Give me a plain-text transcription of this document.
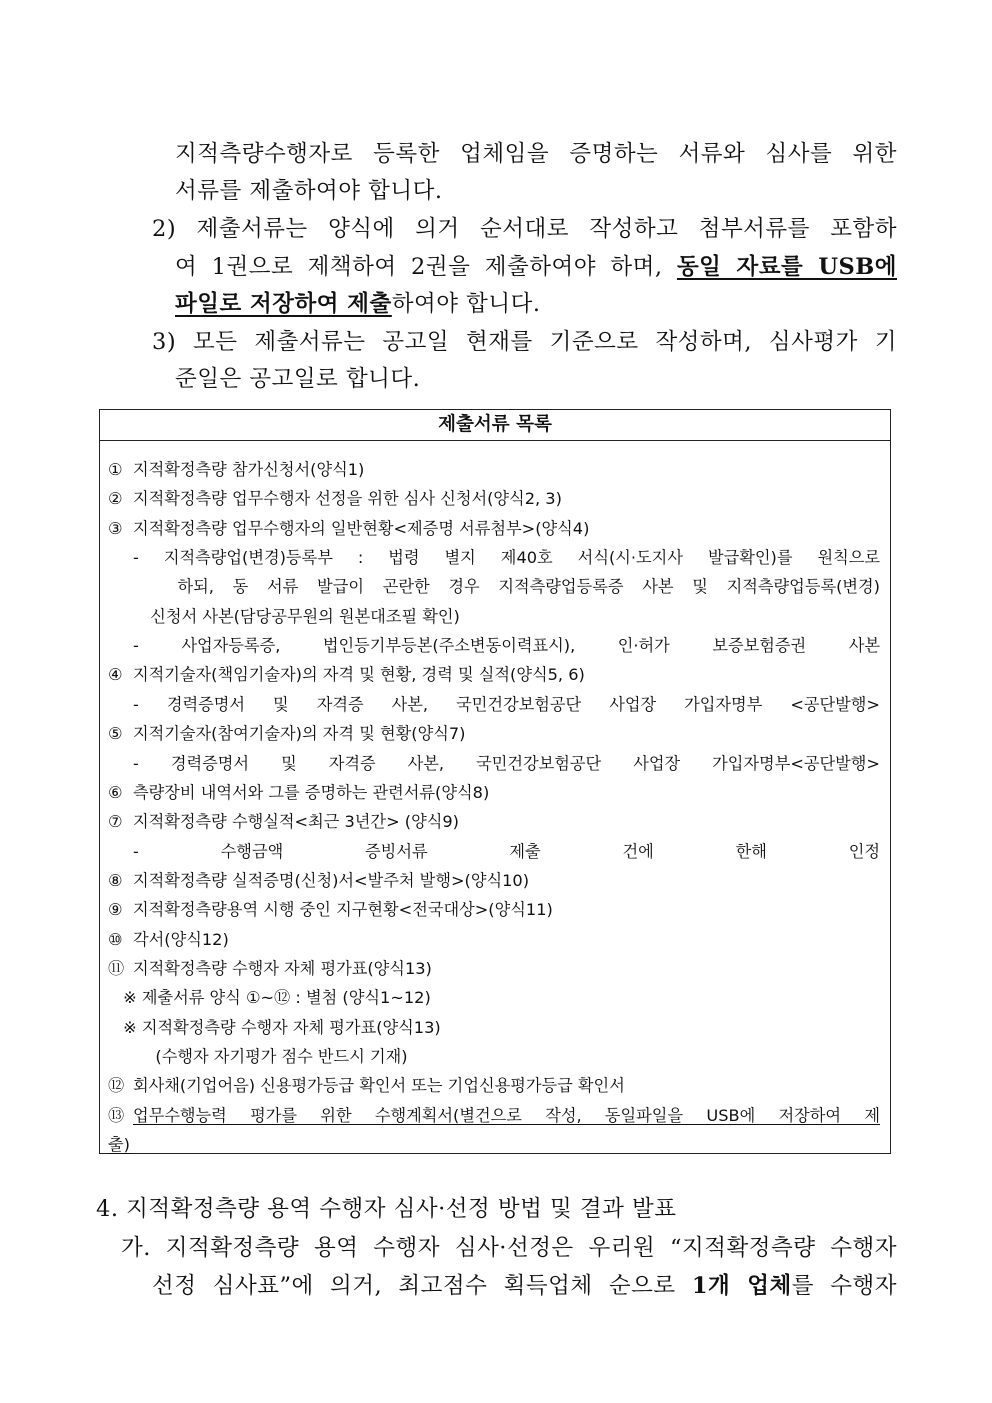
지적측량수행자로 등록한 업체임을 증명하는 서류와 심사를 위한
서류를 제출하여야 합니다.
2) 제출서류는 양식에 의거 순서대로 작성하고 첨부서류를 포함하
여 1권으로 제책하여 2권을 제출하여야 하며, 동일 자료를 USB에
파일로 저장하여 제출하여야 합니다.
3) 모든 제출서류는 공고일 현재를 기준으로 작성하며, 심사평가 기
준일은 공고일로 합니다.
제출서류 목록
① 지적확정측량 참가신청서(양식1)
② 지적확정측량 업무수행자 선정을 위한 심사 신청서(양식2, 3)
③ 지적확정측량 업무수행자의 일반현황<제증명 서류첨부>(양식4)
- 지적측량업(변경)등록부 : 법령 별지 제40호 서식(시·도지사 발급확인)를 원칙으로
하되, 동 서류 발급이 곤란한 경우 지적측량업등록증 사본 및 지적측량업등록(변경)
신청서 사본(담당공무원의 원본대조필 확인)
- 사업자등록증, 법인등기부등본(주소변동이력표시), 인·허가 보증보험증권 사본
④ 지적기술자(책임기술자)의 자격 및 현황, 경력 및 실적(양식5, 6)
- 경력증명서 및 자격증 사본, 국민건강보험공단 사업장 가입자명부 <공단발행>
⑤ 지적기술자(참여기술자)의 자격 및 현황(양식7)
- 경력증명서 및 자격증 사본, 국민건강보험공단 사업장 가입자명부<공단발행>
⑥ 측량장비 내역서와 그를 증명하는 관련서류(양식8)
⑦ 지적확정측량 수행실적<최근 3년간> (양식9)
- 수행금액 증빙서류 제출 건에 한해 인정
⑧ 지적확정측량 실적증명(신청)서<발주처 발행>(양식10)
⑨ 지적확정측량용역 시행 중인 지구현황<전국대상>(양식11)
⑩ 각서(양식12)
⑪ 지적확정측량 수행자 자체 평가표(양식13)
※ 제출서류 양식 ①~⑫ : 별첨 (양식1~12)
※ 지적확정측량 수행자 자체 평가표(양식13)
(수행자 자기평가 점수 반드시 기재)
⑫ 회사채(기업어음) 신용평가등급 확인서 또는 기업신용평가등급 확인서
⑬ 업무수행능력 평가를 위한 수행계획서(별건으로 작성, 동일파일을 USB에 저장하여 제
출)
4. 지적확정측량 용역 수행자 심사·선정 방법 및 결과 발표
가. 지적확정측량 용역 수행자 심사·선정은 우리원 “지적확정측량 수행자
선정 심사표”에 의거, 최고점수 획득업체 순으로 1개 업체를 수행자
